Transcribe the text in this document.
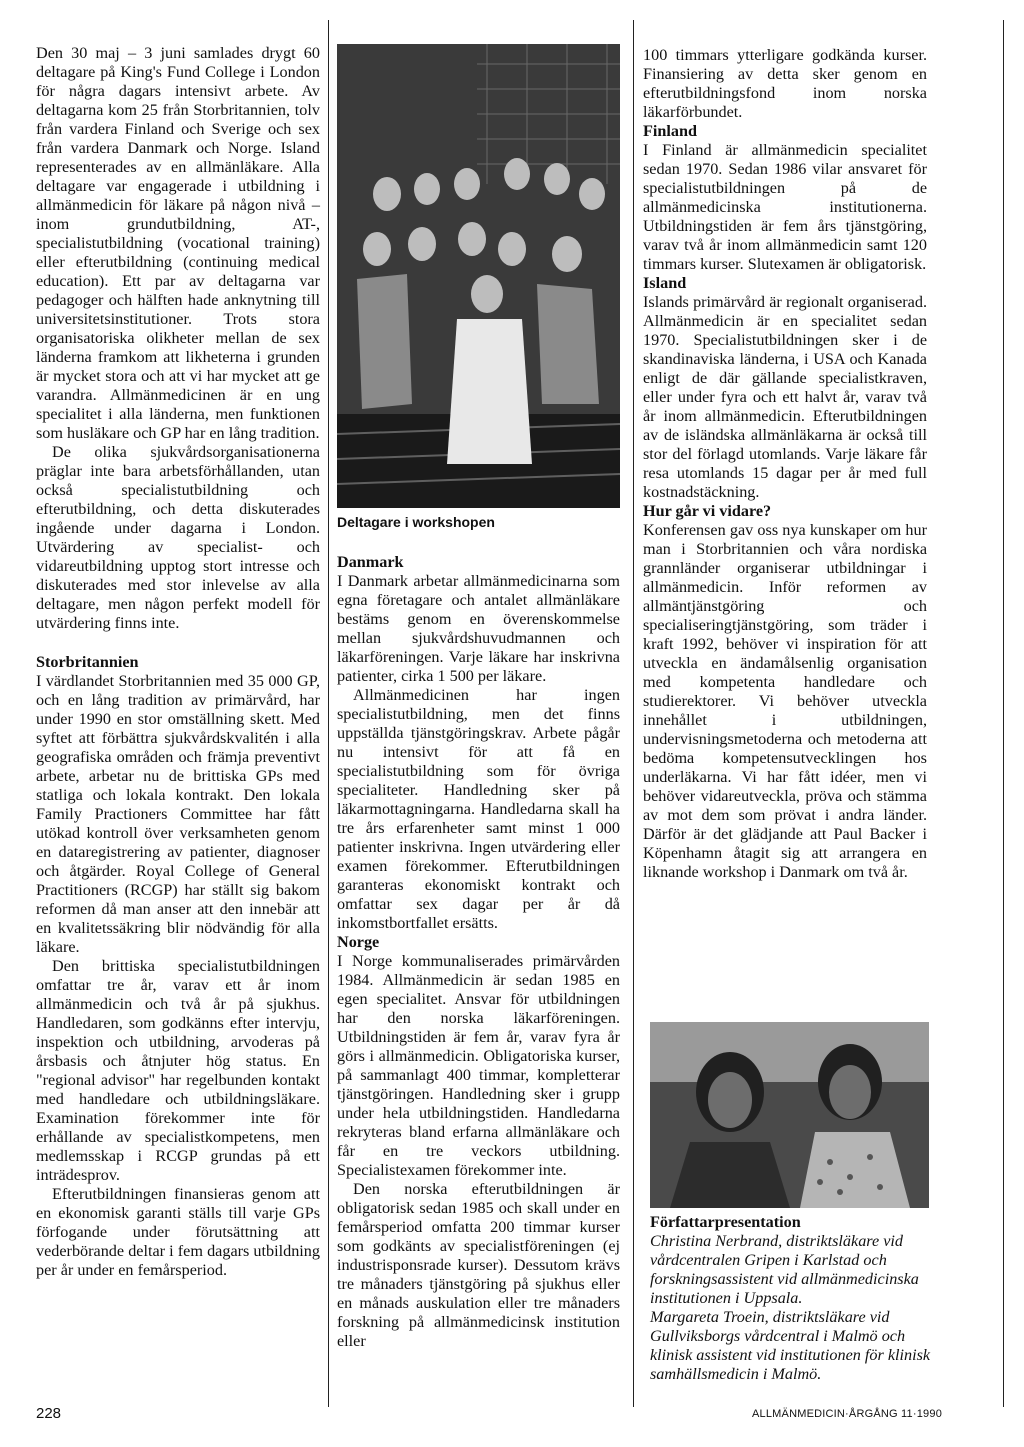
Den 30 maj – 3 juni samlades drygt 60 deltagare på King's Fund College i London för några dagars intensivt arbete. Av deltagarna kom 25 från Storbritannien, tolv från vardera Finland och Sverige och sex från vardera Danmark och Norge. Island representerades av en allmänläkare. Alla deltagare var engagerade i utbildning i allmänmedicin för läkare på någon nivå – inom grundutbildning, AT-, specialistutbildning (vocational training) eller efterutbildning (continuing medical education). Ett par av deltagarna var pedagoger och hälften hade anknytning till universitetsinstitutioner. Trots stora organisatoriska olikheter mellan de sex länderna framkom att likheterna i grunden är mycket stora och att vi har mycket att ge varandra. Allmänmedicinen är en ung specialitet i alla länderna, men funktionen som husläkare och GP har en lång tradition.

De olika sjukvårdsorganisationerna präglar inte bara arbetsförhållanden, utan också specialistutbildning och efterutbildning, och detta diskuterades ingående under dagarna i London. Utvärdering av specialist- och vidareutbildning upptog stort intresse och diskuterades med stor inlevelse av alla deltagare, men någon perfekt modell för utvärdering finns inte.

Storbritannien

I värdlandet Storbritannien med 35 000 GP, och en lång tradition av primärvård, har under 1990 en stor omställning skett. Med syftet att förbättra sjukvårdskvalitén i alla geografiska områden och främja preventivt arbete, arbetar nu de brittiska GPs med statliga och lokala kontrakt. Den lokala Family Practioners Committee har fått utökad kontroll över verksamheten genom en dataregistrering av patienter, diagnoser och åtgärder. Royal College of General Practitioners (RCGP) har ställt sig bakom reformen då man anser att den innebär att en kvalitetssäkring blir nödvändig för alla läkare.

Den brittiska specialistutbildningen omfattar tre år, varav ett år inom allmänmedicin och två år på sjukhus. Handledaren, som godkänns efter intervju, inspektion och utbildning, arvoderas på årsbasis och åtnjuter hög status. En "regional advisor" har regelbunden kontakt med handledare och utbildningsläkare. Examination förekommer inte för erhållande av specialistkompetens, men medlemsskap i RCGP grundas på ett inträdesprov.

Efterutbildningen finansieras genom att en ekonomisk garanti ställs till varje GPs förfogande under förutsättning att vederbörande deltar i fem dagars utbildning per år under en femårsperiod.

Deltagare i workshopen

Danmark

I Danmark arbetar allmänmedicinarna som egna företagare och antalet allmänläkare bestäms genom en överenskommelse mellan sjukvårdshuvudmannen och läkarföreningen. Varje läkare har inskrivna patienter, cirka 1 500 per läkare.

Allmänmedicinen har ingen specialistutbildning, men det finns uppställda tjänstgöringskrav. Arbete pågår nu intensivt för att få en specialistutbildning som för övriga specialiteter. Handledning sker på läkarmottagningarna. Handledarna skall ha tre års erfarenheter samt minst 1 000 patienter inskrivna. Ingen utvärdering eller examen förekommer. Efterutbildningen garanteras ekonomiskt kontrakt och omfattar sex dagar per år då inkomstbortfallet ersätts.

Norge

I Norge kommunaliserades primärvården 1984. Allmänmedicin är sedan 1985 en egen specialitet. Ansvar för utbildningen har den norska läkarföreningen. Utbildningstiden är fem år, varav fyra år görs i allmänmedicin. Obligatoriska kurser, på sammanlagt 400 timmar, kompletterar tjänstgöringen. Handledning sker i grupp under hela utbildningstiden. Handledarna rekryteras bland erfarna allmänläkare och får en tre veckors utbildning. Specialistexamen förekommer inte.

Den norska efterutbildningen är obligatorisk sedan 1985 och skall under en femårsperiod omfatta 200 timmar kurser som godkänts av specialistföreningen (ej industrisponsrade kurser). Dessutom krävs tre månaders tjänstgöring på sjukhus eller en månads auskulation eller tre månaders forskning på allmänmedicinsk institution eller

100 timmars ytterligare godkända kurser. Finansiering av detta sker genom en efterutbildningsfond inom norska läkarförbundet.

Finland

I Finland är allmänmedicin specialitet sedan 1970. Sedan 1986 vilar ansvaret för specialistutbildningen på de allmänmedicinska institutionerna. Utbildningstiden är fem års tjänstgöring, varav två år inom allmänmedicin samt 120 timmars kurser. Slutexamen är obligatorisk.

Island

Islands primärvård är regionalt organiserad. Allmänmedicin är en specialitet sedan 1970. Specialistutbildningen sker i de skandinaviska länderna, i USA och Kanada enligt de där gällande specialistkraven, eller under fyra och ett halvt år, varav två år inom allmänmedicin. Efterutbildningen av de isländska allmänläkarna är också till stor del förlagd utomlands. Varje läkare får resa utomlands 15 dagar per år med full kostnadstäckning.

Hur går vi vidare?

Konferensen gav oss nya kunskaper om hur man i Storbritannien och våra nordiska grannländer organiserar utbildningar i allmänmedicin. Inför reformen av allmäntjänstgöring och specialiseringtjänstgöring, som träder i kraft 1992, behöver vi inspiration för att utveckla en ändamålsenlig organisation med kompetenta handledare och studierektorer. Vi behöver utveckla innehållet i utbildningen, undervisningsmetoderna och metoderna att bedöma kompetensutvecklingen hos underläkarna. Vi har fått idéer, men vi behöver vidareutveckla, pröva och stämma av mot dem som prövat i andra länder. Därför är det glädjande att Paul Backer i Köpenhamn åtagit sig att arrangera en liknande workshop i Danmark om två år.

Författarpresentation

Christina Nerbrand, distriktsläkare vid vårdcentralen Gripen i Karlstad och forskningsassistent vid allmänmedicinska institutionen i Uppsala.

Margareta Troein, distriktsläkare vid Gullviksborgs vårdcentral i Malmö och klinisk assistent vid institutionen för klinisk samhällsmedicin i Malmö.

228	ALLMÄNMEDICIN·ÅRGÅNG 11·1990
